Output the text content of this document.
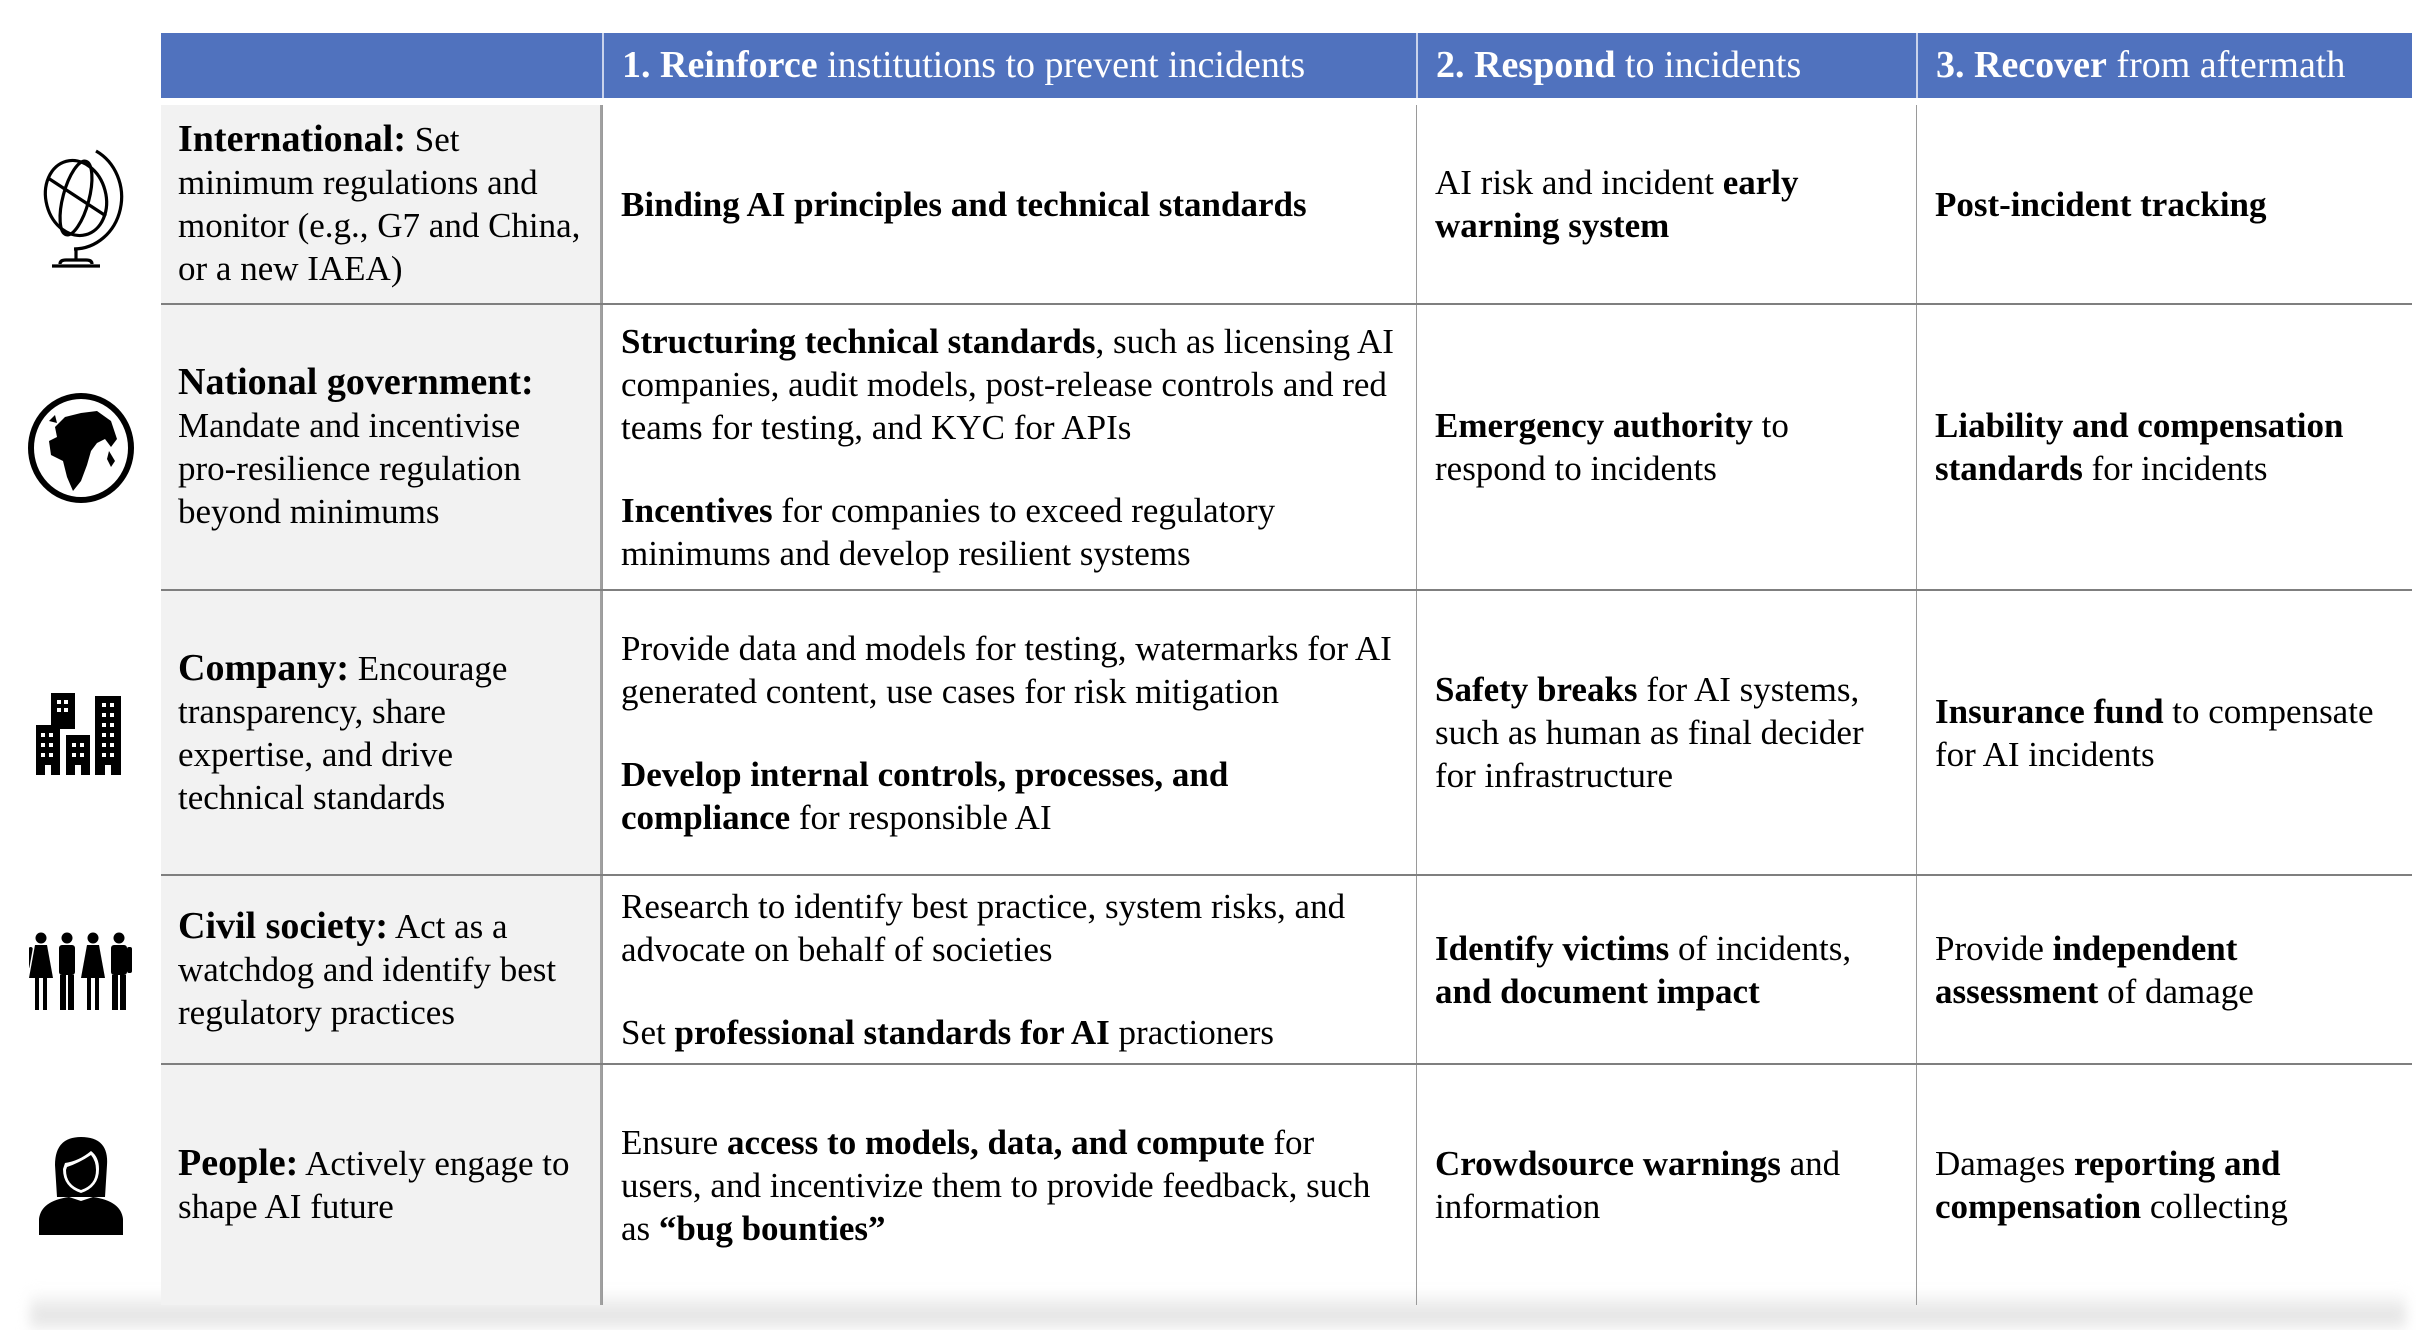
1. Reinforce institutions to prevent incidents	2. Respond to incidents	3. Recover from aftermath

International: Set minimum regulations and monitor (e.g., G7 and China, or a new IAEA)

Binding AI principles and technical standards

AI risk and incident early warning system

Post-incident tracking

National government: Mandate and incentivise pro-resilience regulation beyond minimums

Structuring technical standards, such as licensing AI companies, audit models, post-release controls and red teams for testing, and KYC for APIs

Incentives for companies to exceed regulatory minimums and develop resilient systems

Emergency authority to respond to incidents

Liability and compensation standards for incidents

Company: Encourage transparency, share expertise, and drive technical standards

Provide data and models for testing, watermarks for AI generated content, use cases for risk mitigation

Develop internal controls, processes, and compliance for responsible AI

Safety breaks for AI systems, such as human as final decider for infrastructure

Insurance fund to compensate for AI incidents

Civil society: Act as a watchdog and identify best regulatory practices

Research to identify best practice, system risks, and advocate on behalf of societies

Set professional standards for AI practioners

Identify victims of incidents, and document impact

Provide independent assessment of damage

People: Actively engage to shape AI future

Ensure access to models, data, and compute for users, and incentivize them to provide feedback, such as “bug bounties”

Crowdsource warnings and information

Damages reporting and compensation collecting
